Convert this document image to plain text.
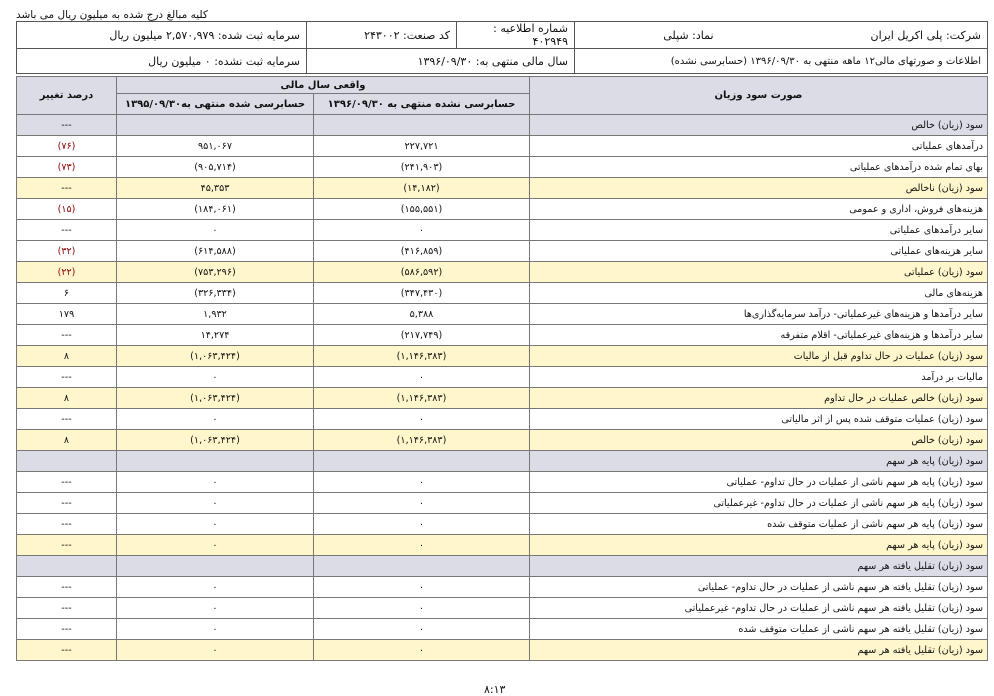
کلیه مبالغ درج شده به میلیون ریال می باشد
سرمایه ثبت شده: ۲,۵۷۰,۹۷۹ میلیون ریال	کد صنعت: ۲۴۳۰۰۲	شماره اطلاعیه : ۴۰۲۹۴۹	شرکت: پلی اکریل ایران  نماد: شپلی
سرمایه ثبت نشده: ۰ میلیون ریال	سال مالی منتهی به: ۱۳۹۶/۰۹/۳۰		اطلاعات و صورتهای مالی۱۲ ماهه منتهی به ۱۳۹۶/۰۹/۳۰ (حسابرسی نشده)
درصد تغییر	واقعی سال مالی		صورت سود وزیان
	حسابرسی شده منتهی به۱۳۹۵/۰۹/۳۰	حسابرسی نشده منتهی به ۱۳۹۶/۰۹/۳۰	
---			سود (زیان) خالص
(۷۶)	۹۵۱,۰۶۷	۲۲۷,۷۲۱	درآمدهای عملیاتی
(۷۳)	(۹۰۵,۷۱۴)	(۲۴۱,۹۰۳)	بهای تمام شده درآمدهای عملیاتی
---	۴۵,۳۵۳	(۱۴,۱۸۲)	سود (زیان) ناخالص
(۱۵)	(۱۸۴,۰۶۱)	(۱۵۵,۵۵۱)	هزینه‌های فروش، اداری و عمومی
---	۰	۰	سایر درآمدهای عملیاتی
(۳۲)	(۶۱۴,۵۸۸)	(۴۱۶,۸۵۹)	سایر هزینه‌های عملیاتی
(۲۲)	(۷۵۳,۲۹۶)	(۵۸۶,۵۹۲)	سود (زیان) عملیاتی
۶	(۳۲۶,۳۳۴)	(۳۴۷,۴۳۰)	هزینه‌های مالی
۱۷۹	۱,۹۳۲	۵,۳۸۸	سایر درآمدها و هزینه‌های غیرعملیاتی- درآمد سرمایه‌گذاری‌ها
---	۱۴,۲۷۴	(۲۱۷,۷۴۹)	سایر درآمدها و هزینه‌های غیرعملیاتی- اقلام متفرقه
۸	(۱,۰۶۳,۴۲۴)	(۱,۱۴۶,۳۸۳)	سود (زیان) عملیات در حال تداوم قبل از مالیات
---	۰	۰	مالیات بر درآمد
۸	(۱,۰۶۳,۴۲۴)	(۱,۱۴۶,۳۸۳)	سود (زیان) خالص عملیات در حال تداوم
---	۰	۰	سود (زیان) عملیات متوقف شده پس از اثر مالیاتی
۸	(۱,۰۶۳,۴۲۴)	(۱,۱۴۶,۳۸۳)	سود (زیان) خالص
			سود (زیان) پایه هر سهم
---	۰	۰	سود (زیان) پایه هر سهم ناشی از عملیات در حال تداوم- عملیاتی
---	۰	۰	سود (زیان) پایه هر سهم ناشی از عملیات در حال تداوم- غیرعملیاتی
---	۰	۰	سود (زیان) پایه هر سهم ناشی از عملیات متوقف شده
---	۰	۰	سود (زیان) پایه هر سهم
			سود (زیان) تقلیل یافته هر سهم
---	۰	۰	سود (زیان) تقلیل یافته هر سهم ناشی از عملیات در حال تداوم- عملیاتی
---	۰	۰	سود (زیان) تقلیل یافته هر سهم ناشی از عملیات در حال تداوم- غیرعملیاتی
---	۰	۰	سود (زیان) تقلیل یافته هر سهم ناشی از عملیات متوقف شده
---	۰	۰	سود (زیان) تقلیل یافته هر سهم
۸:۱۳
